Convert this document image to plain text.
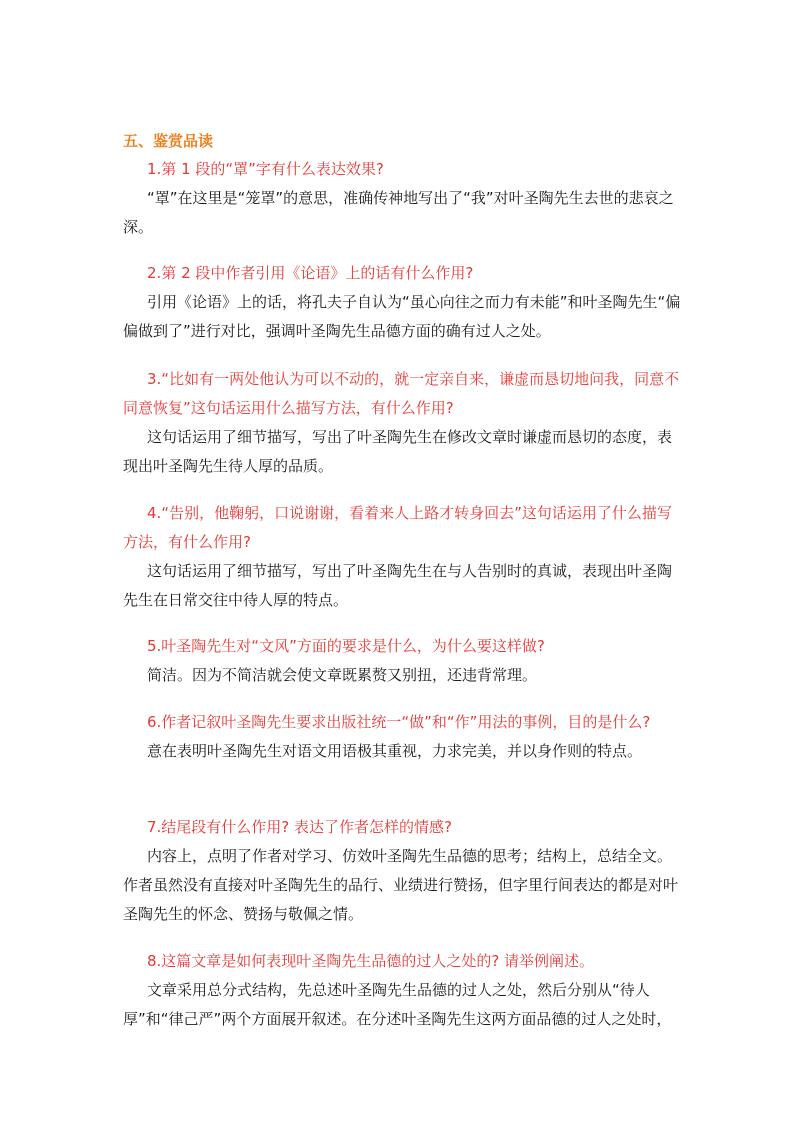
五、鉴赏品读

1.第 1 段的“罩”字有什么表达效果?

“罩”在这里是“笼罩”的意思，准确传神地写出了“我”对叶圣陶先生去世的悲哀之深。

2.第 2 段中作者引用《论语》上的话有什么作用?

引用《论语》上的话，将孔夫子自认为“虽心向往之而力有未能”和叶圣陶先生“偏偏做到了”进行对比，强调叶圣陶先生品德方面的确有过人之处。

3.“比如有一两处他认为可以不动的，就一定亲自来，谦虚而恳切地问我，同意不同意恢复”这句话运用什么描写方法，有什么作用?

这句话运用了细节描写，写出了叶圣陶先生在修改文章时谦虚而恳切的态度，表现出叶圣陶先生待人厚的品质。

4.“告别，他鞠躬，口说谢谢，看着来人上路才转身回去”这句话运用了什么描写方法，有什么作用?

这句话运用了细节描写，写出了叶圣陶先生在与人告别时的真诚，表现出叶圣陶先生在日常交往中待人厚的特点。

5.叶圣陶先生对“文风”方面的要求是什么，为什么要这样做?

简洁。因为不简洁就会使文章既累赘又别扭，还违背常理。

6.作者记叙叶圣陶先生要求出版社统一“做”和“作”用法的事例，目的是什么?

意在表明叶圣陶先生对语文用语极其重视，力求完美，并以身作则的特点。

7.结尾段有什么作用? 表达了作者怎样的情感?

内容上，点明了作者对学习、仿效叶圣陶先生品德的思考；结构上，总结全文。作者虽然没有直接对叶圣陶先生的品行、业绩进行赞扬，但字里行间表达的都是对叶圣陶先生的怀念、赞扬与敬佩之情。

8.这篇文章是如何表现叶圣陶先生品德的过人之处的? 请举例阐述。

文章采用总分式结构，先总述叶圣陶先生品德的过人之处，然后分别从“待人厚”和“律己严”两个方面展开叙述。在分述叶圣陶先生这两方面品德的过人之处时，
